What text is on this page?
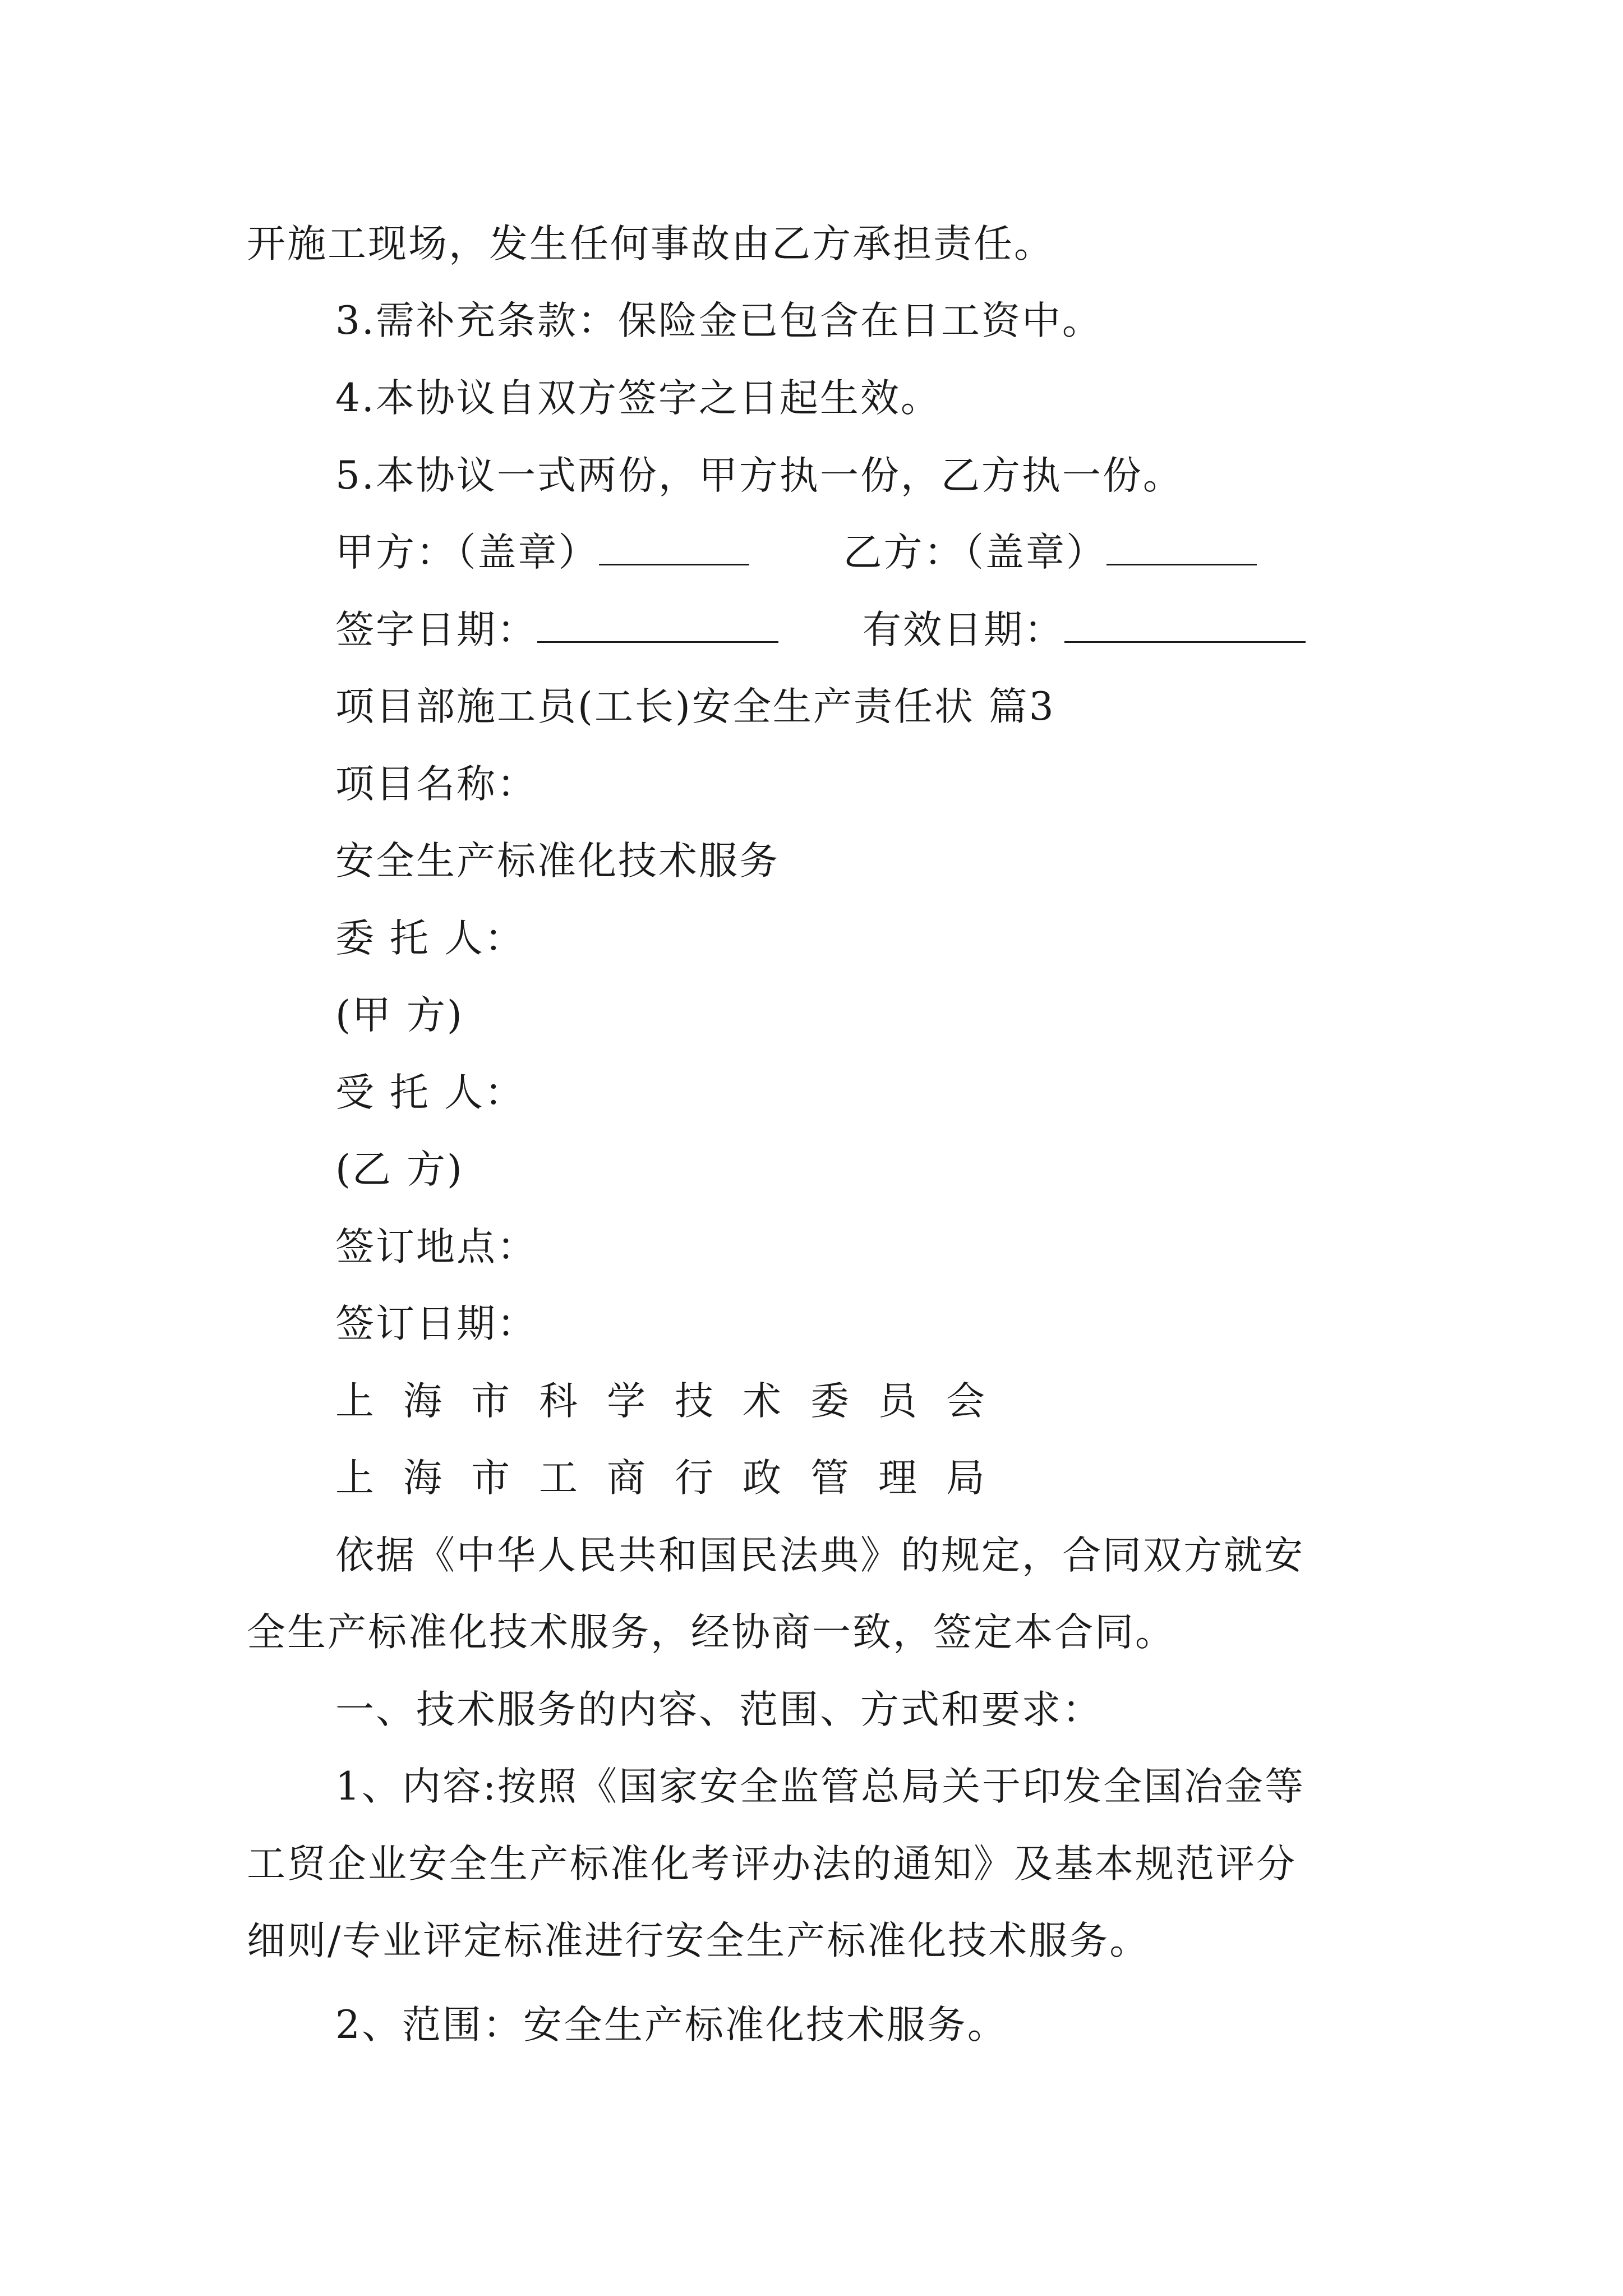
开施工现场，发生任何事故由乙方承担责任。
3.需补充条款：保险金已包含在日工资中。
4.本协议自双方签字之日起生效。
5.本协议一式两份，甲方执一份，乙方执一份。
甲方：（盖章）	乙方：（盖章）
签字日期：	有效日期：
项目部施工员(工长)安全生产责任状 篇3
项目名称：
安全生产标准化技术服务
委 托 人：
(甲 方)
受 托 人：
(乙 方)
签订地点：
签订日期：
上海市科学技术委员会
上海市工商行政管理局
依据《中华人民共和国民法典》的规定，合同双方就安
全生产标准化技术服务，经协商一致，签定本合同。
一、技术服务的内容、范围、方式和要求：
1、内容:按照《国家安全监管总局关于印发全国冶金等
工贸企业安全生产标准化考评办法的通知》及基本规范评分
细则/专业评定标准进行安全生产标准化技术服务。
2、范围：安全生产标准化技术服务。
